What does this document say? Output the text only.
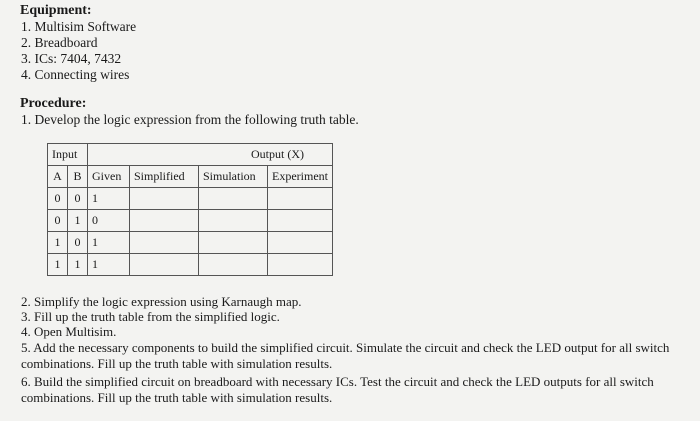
Equipment:
1. Multisim Software
2. Breadboard
3. ICs: 7404, 7432
4. Connecting wires
Procedure:
1. Develop the logic expression from the following truth table.
Input		Output (X)			
A	B	Given	Simplified	Simulation	Experiment
0	0	1			
0	1	0			
1	0	1			
1	1	1			
2. Simplify the logic expression using Karnaugh map.
3. Fill up the truth table from the simplified logic.
4. Open Multisim.
5. Add the necessary components to build the simplified circuit. Simulate the circuit and check the LED output for all switch
combinations. Fill up the truth table with simulation results.
6. Build the simplified circuit on breadboard with necessary ICs. Test the circuit and check the LED outputs for all switch
combinations. Fill up the truth table with simulation results.
